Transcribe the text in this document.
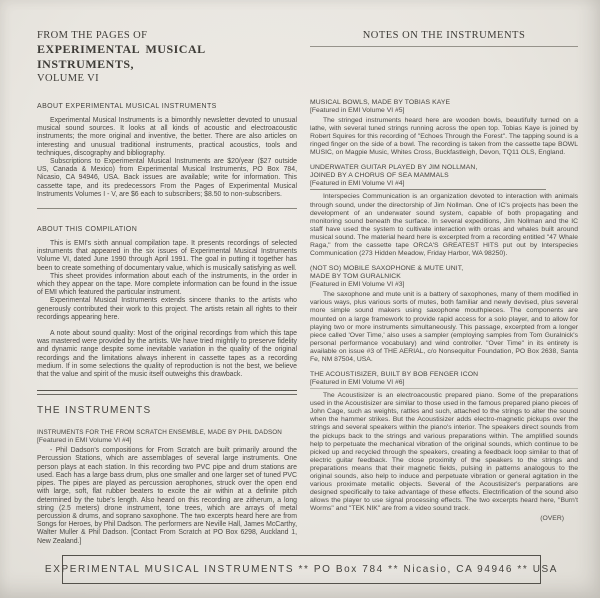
FROM THE PAGES OF
EXPERIMENTAL MUSICAL INSTRUMENTS,
VOLUME VI
NOTES ON THE INSTRUMENTS
ABOUT EXPERIMENTAL MUSICAL INSTRUMENTS

Experimental Musical Instruments is a bimonthly newsletter devoted to unusual musical sound sources. It looks at all kinds of acoustic and electroacoustic instruments; the more original and inventive, the better. There are also articles on interesting and unusual traditional instruments, practical acoustics, tools and techniques, discography and bibliography.

Subscriptions to Experimental Musical Instruments are $20/year ($27 outside US, Canada & Mexico) from Experimental Musical Instruments, PO Box 784, Nicasio, CA 94946, USA. Back issues are available; write for information. This cassette tape, and its predecessors From the Pages of Experimental Musical Instruments Volumes I - V, are $6 each to subscribers; $8.50 to non-subscribers.

ABOUT THIS COMPILATION

This is EMI's sixth annual compilation tape. It presents recordings of selected instruments that appeared in the six issues of Experimental Musical Instruments Volume VI, dated June 1990 through April 1991. The goal in putting it together has been to create something of documentary value, which is musically satisfying as well.

This sheet provides information about each of the instruments, in the order in which they appear on the tape. More complete information can be found in the issue of EMI which featured the particular instrument.

Experimental Musical Instruments extends sincere thanks to the artists who generously contributed their work to this project. The artists retain all rights to their recordings appearing here.

A note about sound quality: Most of the original recordings from which this tape was mastered were provided by the artists. We have tried mightily to preserve fidelity and dynamic range despite some inevitable variation in the quality of the original recordings and the limitations always inherent in cassette tapes as a recording medium. If in some selections the quality of reproduction is not the best, we believe that the value and spirit of the music itself outweighs this drawback.

THE INSTRUMENTS
INSTRUMENTS FOR THE FROM SCRATCH ENSEMBLE, MADE BY PHIL DADSON
[Featured in EMI Volume VI #4]

- Phil Dadson's compositions for From Scratch are built primarily around the Percussion Stations, which are assemblages of several large instruments. One person plays at each station. In this recording two PVC pipe and drum stations are used. Each has a large bass drum, plus one smaller and one larger set of tuned PVC pipes. The pipes are played as percussion aerophones, struck over the open end with large, soft, flat rubber beaters to excite the air within at a definite pitch determined by the tube's length. Also heard on this recording are zitherum, a long string (2.5 meters) drone instrument, tone trees, which are arrays of metal percussion & drums, and soprano saxophone. The two excerpts heard here are from Songs for Heroes, by Phil Dadson. The performers are Neville Hall, James McCarthy, Walter Muller & Phil Dadson. [Contact From Scratch at PO Box 6298, Auckland 1, New Zealand.]

MUSICAL BOWLS, MADE BY TOBIAS KAYE
[Featured in EMI Volume VI #5]

The stringed instruments heard here are wooden bowls, beautifully turned on a lathe, with several tuned strings running across the open top. Tobias Kaye is joined by Robert Squires for this recording of "Echoes Through the Forest". The tapping sound is a ringed finger on the side of a bowl. The recording is taken from the cassette tape BOWL MUSIC, on Magpie Music, Whites Cross, Buckfastleigh, Devon, TQ11 OLS, England.

UNDERWATER GUITAR PLAYED BY JIM NOLLMAN,
JOINED BY A CHORUS OF SEA MAMMALS
[Featured in EMI Volume VI #4]

Interspecies Communication is an organization devoted to interaction with animals through sound, under the directorship of Jim Nollman. One of IC's projects has been the development of an underwater sound system, capable of both propagating and monitoring sound beneath the surface. In several expeditions, Jim Nollman and the IC staff have used the system to cultivate interaction with orcas and whales built around musical sound. The material heard here is excerpted from a recording entitled "47 Whale Raga," from the cassette tape ORCA'S GREATEST HITS put out by Interspecies Communication (273 Hidden Meadow, Friday Harbor, WA 98250).

(NOT SO) MOBILE SAXOPHONE & MUTE UNIT,
MADE BY TOM GURALNICK
[Featured in EMI Volume VI #3]

The saxophone and mute unit is a battery of saxophones, many of them modified in various ways, plus various sorts of mutes, both familiar and newly devised, plus several more simple sound makers using saxophone mouthpieces. The components are mounted on a large framework to provide rapid access for a solo player, and to allow for playing two or more instruments simultaneously. This passage, excerpted from a longer piece called 'Over Time,' also uses a sampler (employing samples from Tom Guralnick's personal performance vocabulary) and wind controller. "Over Time" in its entirety is available on issue #3 of THE AERIAL, c/o Nonsequitur Foundation, PO Box 2638, Santa Fe, NM 87504, USA.

THE ACOUSTISIZER, BUILT BY BOB FENGER ICON
[Featured in EMI Volume VI #6]

The Acoustisizer is an electroacoustic prepared piano. Some of the preparations used in the Acoustisizer are similar to those used in the famous prepared piano pieces of John Cage, such as weights, rattles and such, attached to the strings to alter the sound when the hammer strikes. But the Acoustisizer adds electro-magnetic pickups over the strings and several speakers within the piano's interior. The speakers direct sounds from the pickups back to the strings and various preparations within. The amplified sounds help to perpetuate the mechanical vibration of the original sounds, which continue to be picked up and recycled through the speakers, creating a feedback loop similar to that of electric guitar feedback. The close proximity of the speakers to the strings and preparations means that their magnetic fields, pulsing in patterns analogous to the original sounds, also help to induce and perpetuate vibration or general agitation in the various proximate metallic objects. Several of the Acoustisizer's perparations are designed specifically to take advantage of these effects. Electrification of the sound also allows the player to use signal processing effects. The two excerpts heard here, "Burn't Worms" and "TEK NIK" are from a video sound track.

(OVER)
EXPERIMENTAL MUSICAL INSTRUMENTS ** PO Box 784 ** Nicasio, CA 94946 ** USA
